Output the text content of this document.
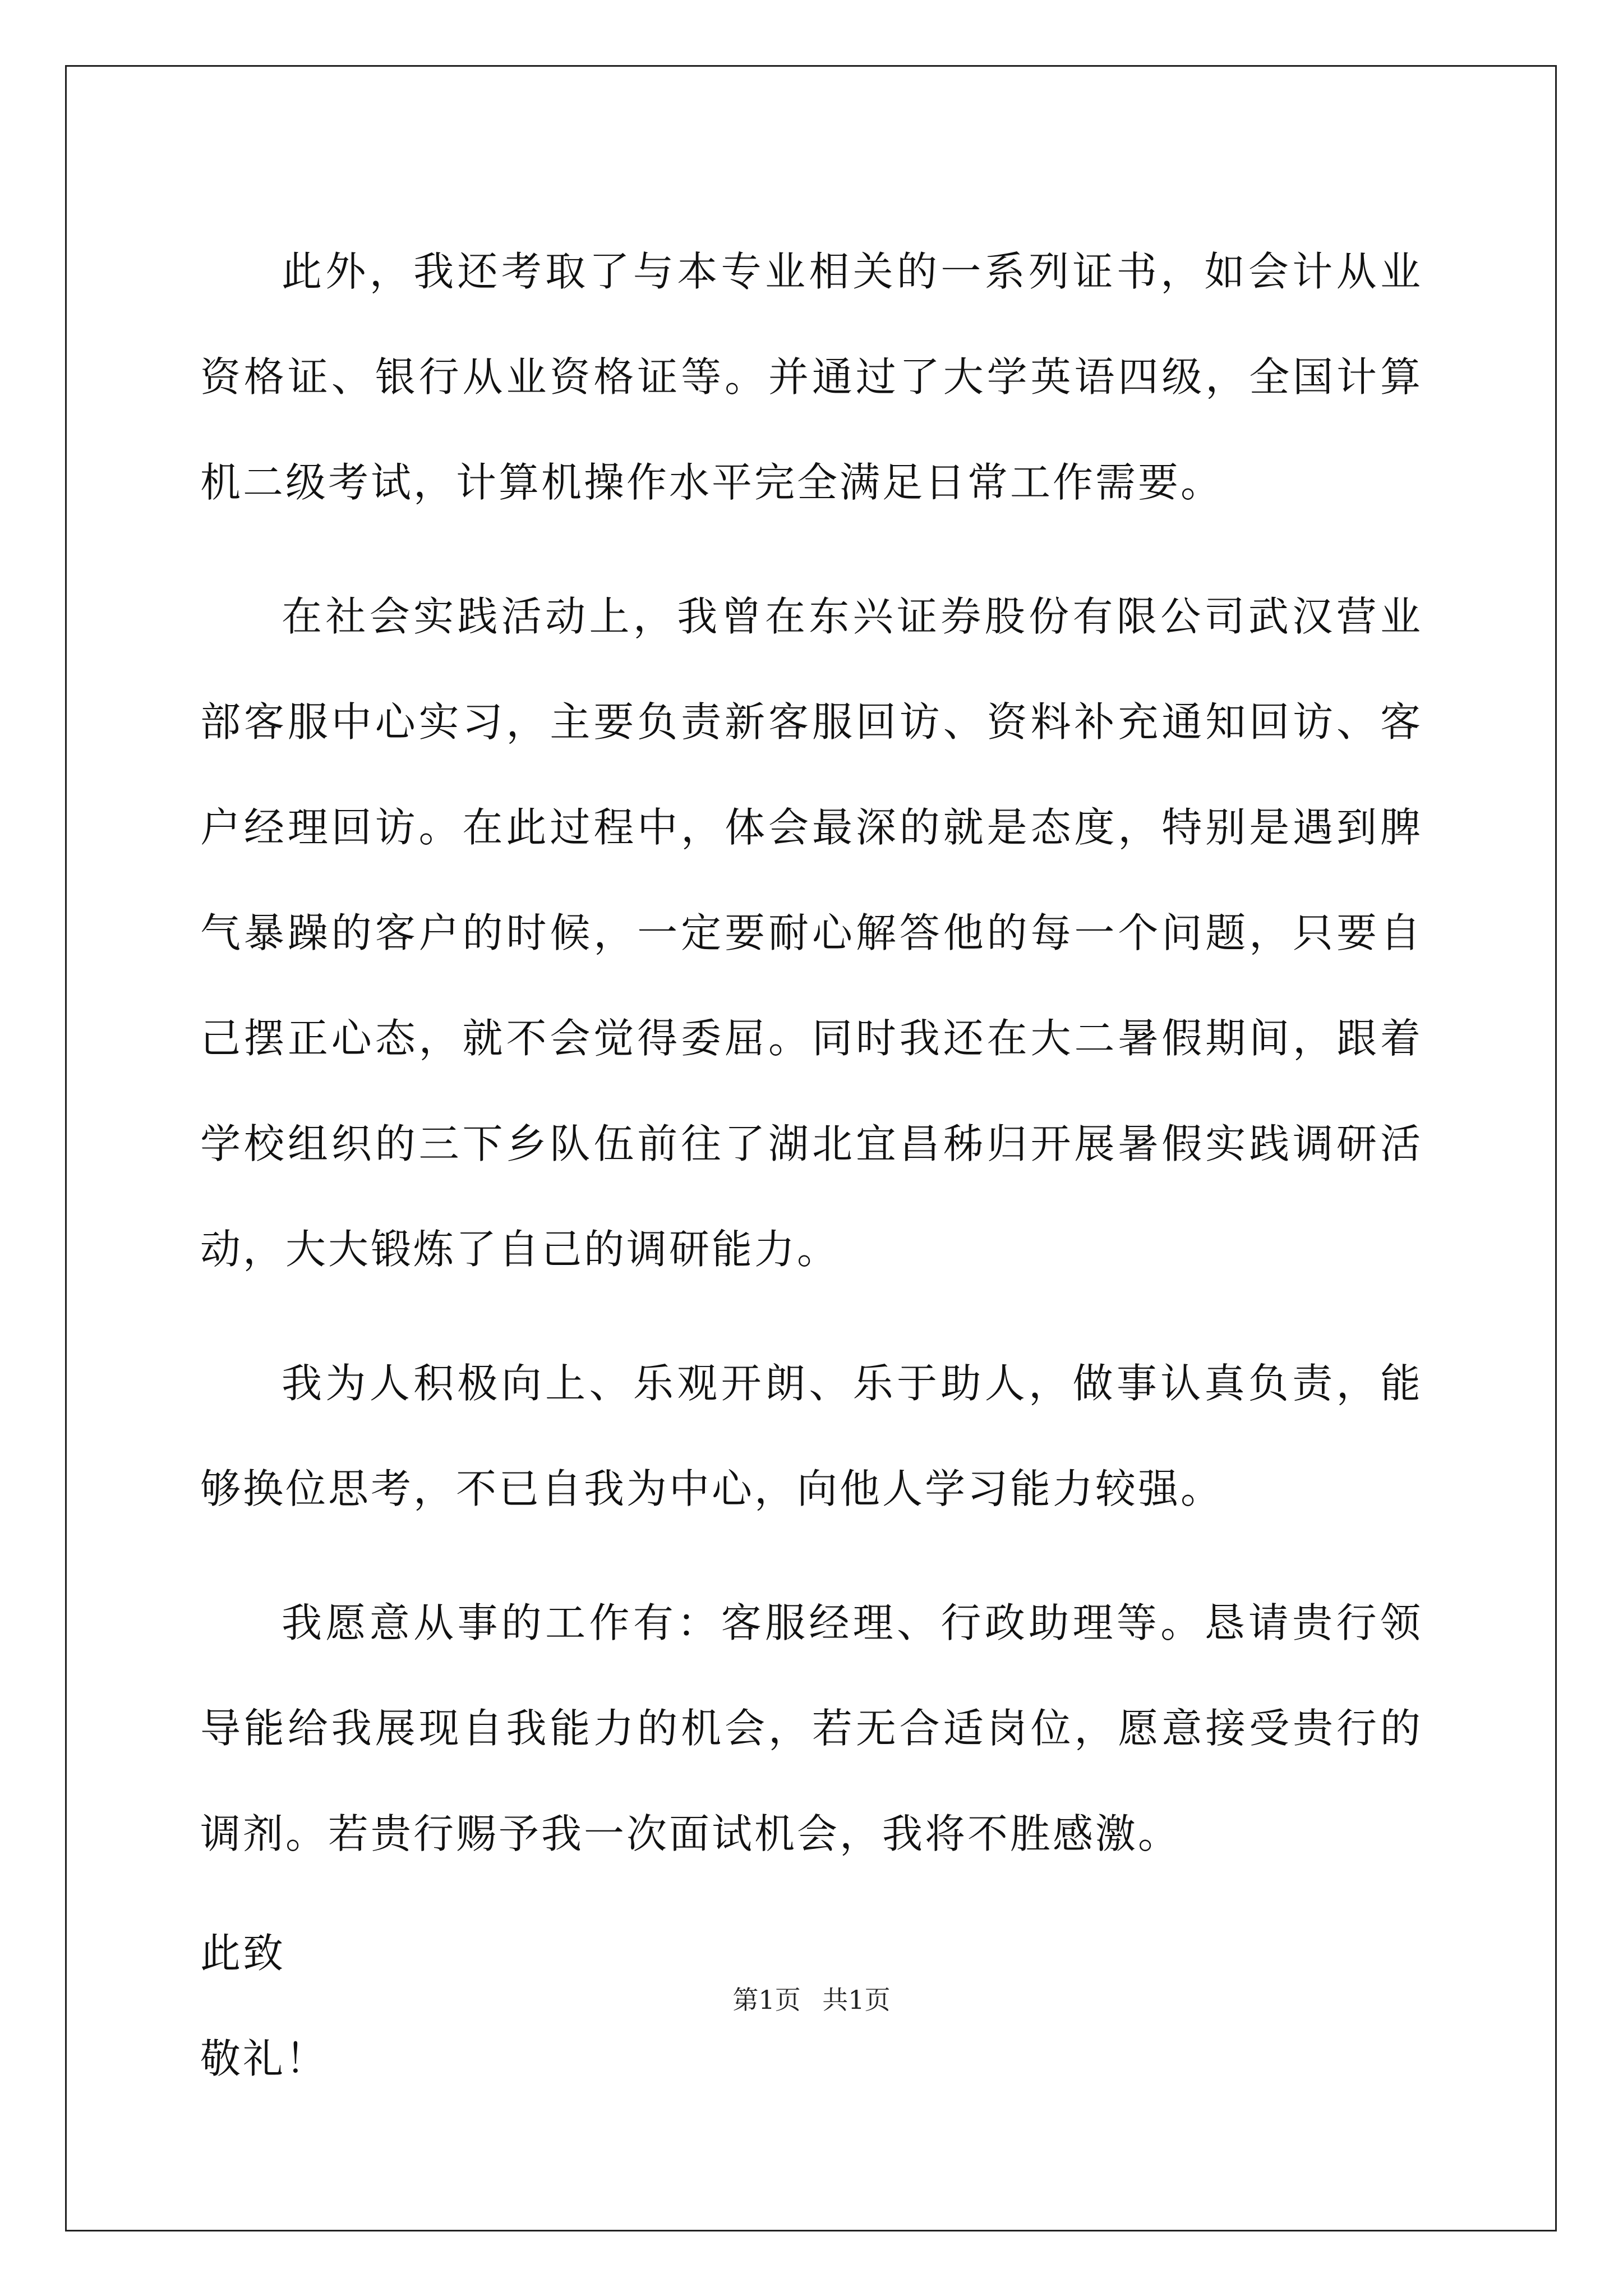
此外，我还考取了与本专业相关的一系列证书，如会计从业资格证、银行从业资格证等。并通过了大学英语四级，全国计算机二级考试，计算机操作水平完全满足日常工作需要。

在社会实践活动上，我曾在东兴证券股份有限公司武汉营业部客服中心实习，主要负责新客服回访、资料补充通知回访、客户经理回访。在此过程中，体会最深的就是态度，特别是遇到脾气暴躁的客户的时候，一定要耐心解答他的每一个问题，只要自己摆正心态，就不会觉得委屈。同时我还在大二暑假期间，跟着学校组织的三下乡队伍前往了湖北宜昌秭归开展暑假实践调研活动，大大锻炼了自己的调研能力。

我为人积极向上、乐观开朗、乐于助人，做事认真负责，能够换位思考，不已自我为中心，向他人学习能力较强。

我愿意从事的工作有：客服经理、行政助理等。恳请贵行领导能给我展现自我能力的机会，若无合适岗位，愿意接受贵行的调剂。若贵行赐予我一次面试机会，我将不胜感激。

此致
敬礼！
第1页 共1页
